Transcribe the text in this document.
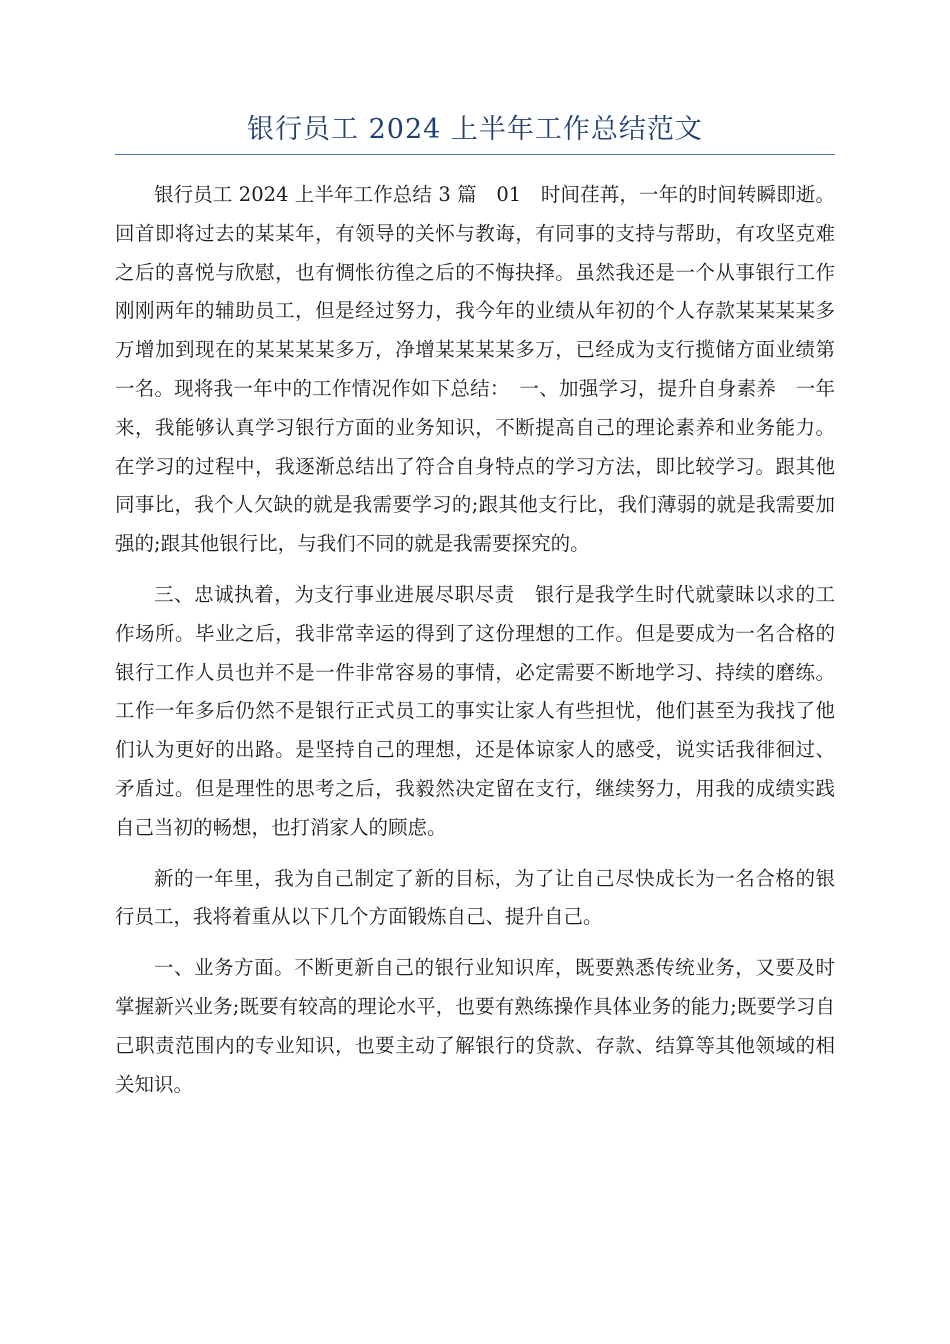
银行员工 2024 上半年工作总结范文

银行员工 2024 上半年工作总结 3 篇　01　时间荏苒，一年的时间转瞬即逝。回首即将过去的某某年，有领导的关怀与教诲，有同事的支持与帮助，有攻坚克难之后的喜悦与欣慰，也有惆怅彷徨之后的不悔抉择。虽然我还是一个从事银行工作刚刚两年的辅助员工，但是经过努力，我今年的业绩从年初的个人存款某某某某多万增加到现在的某某某某多万，净增某某某某多万，已经成为支行揽储方面业绩第一名。现将我一年中的工作情况作如下总结：　一、加强学习，提升自身素养　一年来，我能够认真学习银行方面的业务知识，不断提高自己的理论素养和业务能力。在学习的过程中，我逐渐总结出了符合自身特点的学习方法，即比较学习。跟其他同事比，我个人欠缺的就是我需要学习的;跟其他支行比，我们薄弱的就是我需要加强的;跟其他银行比，与我们不同的就是我需要探究的。

三、忠诚执着，为支行事业进展尽职尽责　银行是我学生时代就蒙昧以求的工作场所。毕业之后，我非常幸运的得到了这份理想的工作。但是要成为一名合格的银行工作人员也并不是一件非常容易的事情，必定需要不断地学习、持续的磨练。工作一年多后仍然不是银行正式员工的事实让家人有些担忧，他们甚至为我找了他们认为更好的出路。是坚持自己的理想，还是体谅家人的感受，说实话我徘徊过、矛盾过。但是理性的思考之后，我毅然决定留在支行，继续努力，用我的成绩实践自己当初的畅想，也打消家人的顾虑。

新的一年里，我为自己制定了新的目标，为了让自己尽快成长为一名合格的银行员工，我将着重从以下几个方面锻炼自己、提升自己。

一、业务方面。不断更新自己的银行业知识库，既要熟悉传统业务，又要及时掌握新兴业务;既要有较高的理论水平，也要有熟练操作具体业务的能力;既要学习自己职责范围内的专业知识，也要主动了解银行的贷款、存款、结算等其他领域的相关知识。
